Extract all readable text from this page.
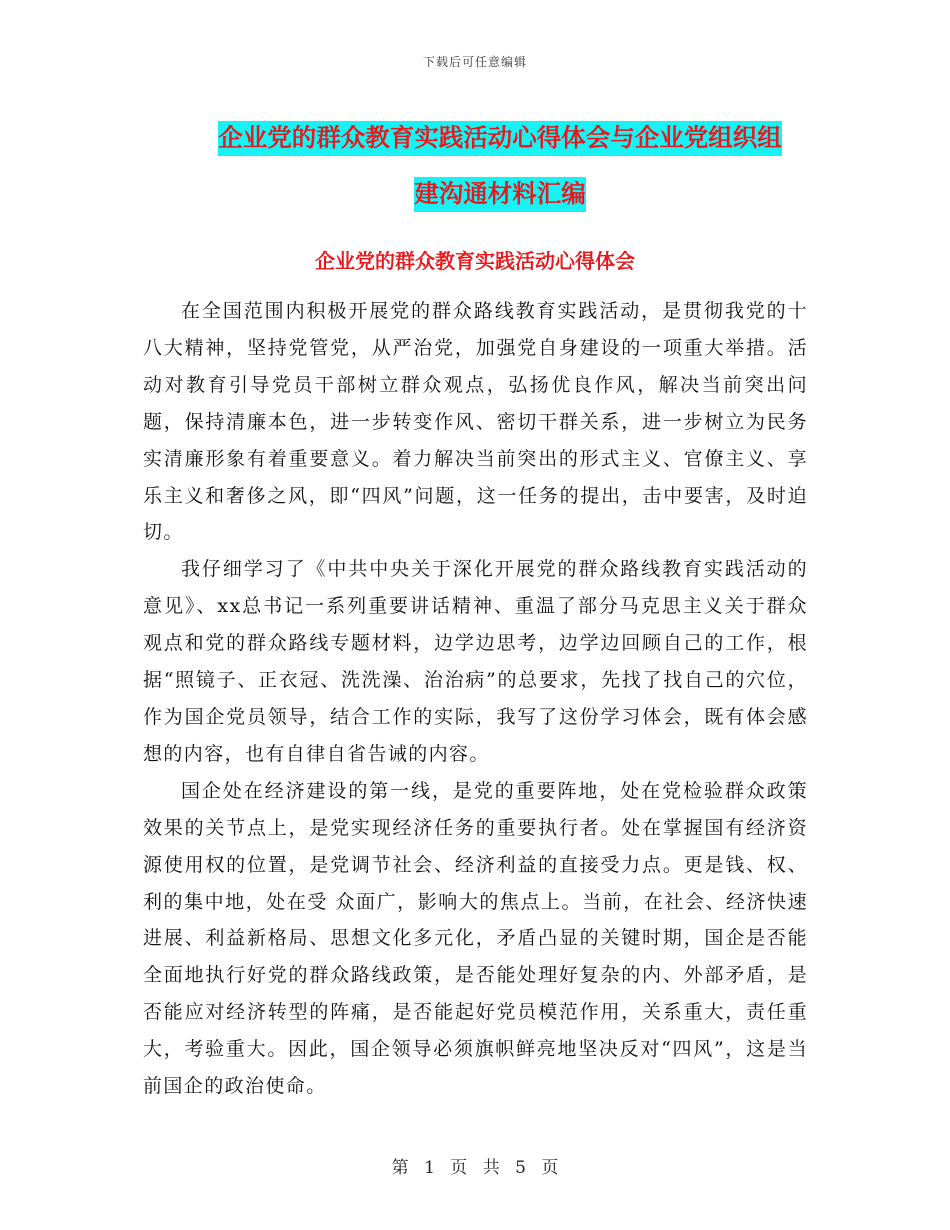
下载后可任意编辑
企业党的群众教育实践活动心得体会与企业党组织组
建沟通材料汇编
企业党的群众教育实践活动心得体会

在全国范围内积极开展党的群众路线教育实践活动，是贯彻我党的十八大精神，坚持党管党，从严治党，加强党自身建设的一项重大举措。活动对教育引导党员干部树立群众观点，弘扬优良作风，解决当前突出问题，保持清廉本色，进一步转变作风、密切干群关系，进一步树立为民务实清廉形象有着重要意义。着力解决当前突出的形式主义、官僚主义、享乐主义和奢侈之风，即“四风”问题，这一任务的提出，击中要害，及时迫切。

我仔细学习了《中共中央关于深化开展党的群众路线教育实践活动的意见》、xx总书记一系列重要讲话精神、重温了部分马克思主义关于群众观点和党的群众路线专题材料，边学边思考，边学边回顾自己的工作，根据“照镜子、正衣冠、洗洗澡、治治病”的总要求，先找了找自己的穴位，作为国企党员领导，结合工作的实际，我写了这份学习体会，既有体会感想的内容，也有自律自省告诫的内容。

国企处在经济建设的第一线，是党的重要阵地，处在党检验群众政策效果的关节点上，是党实现经济任务的重要执行者。处在掌握国有经济资源使用权的位置，是党调节社会、经济利益的直接受力点。更是钱、权、利的集中地，处在受 众面广，影响大的焦点上。当前，在社会、经济快速进展、利益新格局、思想文化多元化，矛盾凸显的关键时期，国企是否能全面地执行好党的群众路线政策，是否能处理好复杂的内、外部矛盾，是否能应对经济转型的阵痛，是否能起好党员模范作用，关系重大，责任重大，考验重大。因此，国企领导必须旗帜鲜亮地坚决反对“四风”，这是当前国企的政治使命。

第 1 页 共 5 页
